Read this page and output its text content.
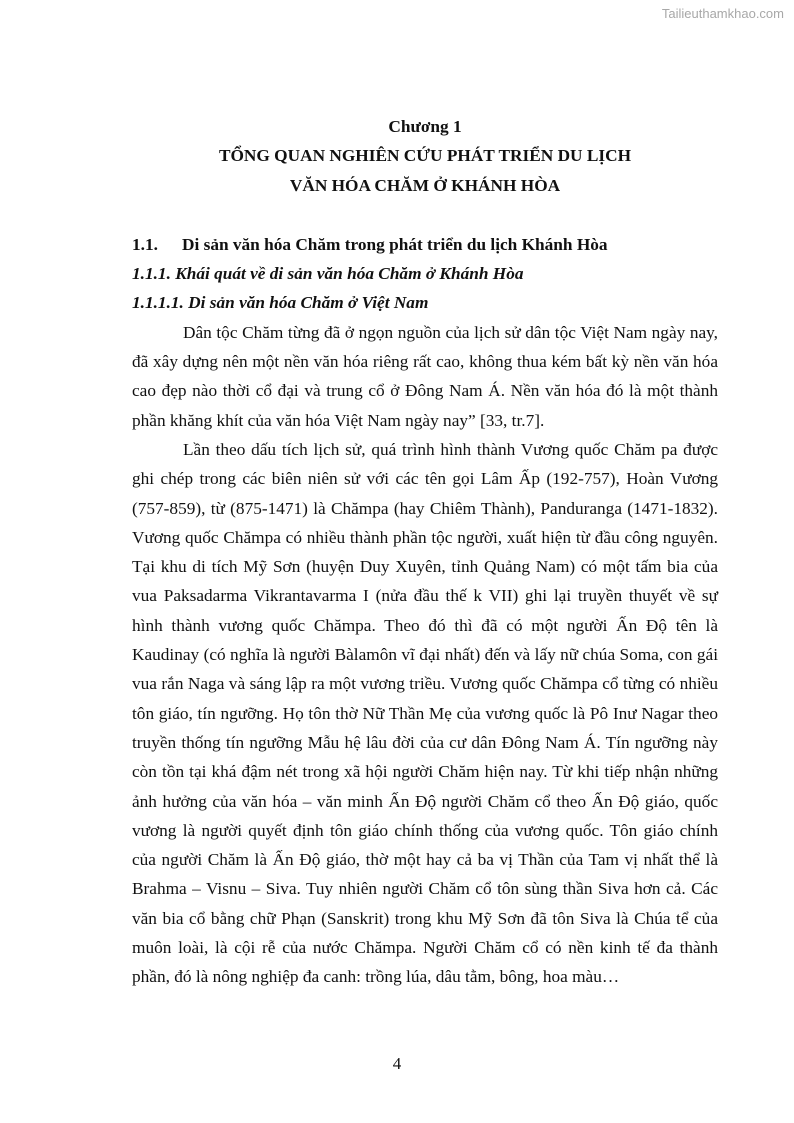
Tailieuthamkhao.com
Chương 1
TỔNG QUAN NGHIÊN CỨU PHÁT TRIỂN DU LỊCH
VĂN HÓA CHĂM Ở KHÁNH HÒA
1.1.	Di sản văn hóa Chăm trong phát triển du lịch Khánh Hòa
1.1.1. Khái quát về di sản văn hóa Chăm ở Khánh Hòa
1.1.1.1. Di sản văn hóa Chăm ở Việt Nam

Dân tộc Chăm từng đã ở ngọn nguồn của lịch sử dân tộc Việt Nam ngày nay, đã xây dựng nên một nền văn hóa riêng rất cao, không thua kém bất kỳ nền văn hóa cao đẹp nào thời cổ đại và trung cổ ở Đông Nam Á. Nền văn hóa đó là một thành phần khăng khít của văn hóa Việt Nam ngày nay” [33, tr.7].

Lần theo dấu tích lịch sử, quá trình hình thành Vương quốc Chăm pa được ghi chép trong các biên niên sử với các tên gọi Lâm Ấp (192-757), Hoàn Vương (757-859), từ (875-1471) là Chămpa (hay Chiêm Thành), Panduranga (1471-1832). Vương quốc Chămpa có nhiều thành phần tộc người, xuất hiện từ đầu công nguyên. Tại khu di tích Mỹ Sơn (huyện Duy Xuyên, tỉnh Quảng Nam) có một tấm bia của vua Paksadarma Vikrantavarma I (nửa đầu thế k VII) ghi lại truyền thuyết về sự hình thành vương quốc Chămpa. Theo đó thì đã có một người Ấn Độ tên là Kaudinay (có nghĩa là người Bàlamôn vĩ đại nhất) đến và lấy nữ chúa Soma, con gái vua rắn Naga và sáng lập ra một vương triều. Vương quốc Chămpa cổ từng có nhiều tôn giáo, tín ngưỡng. Họ tôn thờ Nữ Thần Mẹ của vương quốc là Pô Inư Nagar theo truyền thống tín ngưỡng Mẫu hệ lâu đời của cư dân Đông Nam Á. Tín ngưỡng này còn tồn tại khá đậm nét trong xã hội người Chăm hiện nay. Từ khi tiếp nhận những ảnh hưởng của văn hóa – văn minh Ấn Độ người Chăm cổ theo Ấn Độ giáo, quốc vương là người quyết định tôn giáo chính thống của vương quốc. Tôn giáo chính của người Chăm là Ấn Độ giáo, thờ một hay cả ba vị Thần của Tam vị nhất thể là Brahma – Visnu – Siva. Tuy nhiên người Chăm cổ tôn sùng thần Siva hơn cả. Các văn bia cổ bằng chữ Phạn (Sanskrit) trong khu Mỹ Sơn đã tôn Siva là Chúa tể của muôn loài, là cội rễ của nước Chămpa. Người Chăm cổ có nền kinh tế đa thành phần, đó là nông nghiệp đa canh: trồng lúa, dâu tằm, bông, hoa màu…

4
